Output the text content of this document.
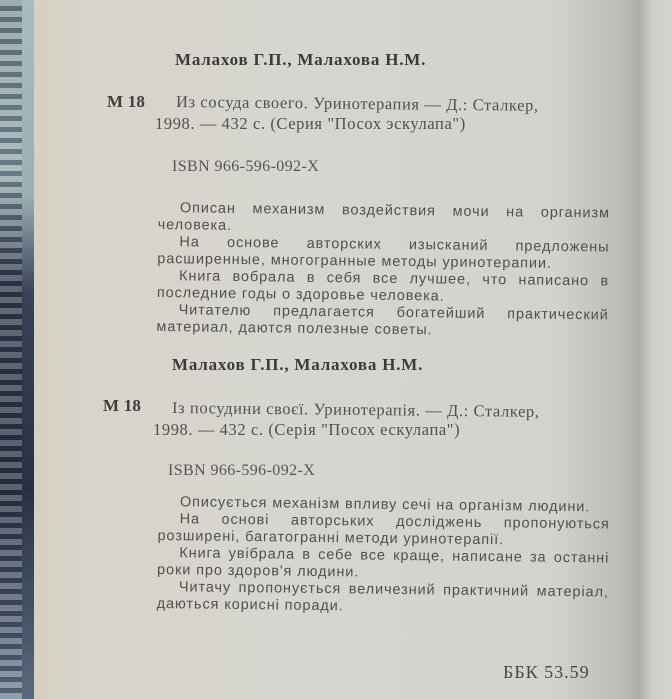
Малахов Г.П., Малахова Н.М.
М 18 Из сосуда своего. Уринотерапия — Д.: Сталкер,
1998. — 432 с. (Серия "Посох эскулапа")
ISBN 966-596-092-Х

Описан механизм воздействия мочи на организм человека.

На основе авторских изысканий предложены расширенные, многогранные методы уринотерапии.

Книга вобрала в себя все лучшее, что написано в последние годы о здоровье человека.

Читателю предлагается богатейший практический материал, даются полезные советы.

Малахов Г.П., Малахова Н.М.
М 18 Із посудини своєї. Уринотерапія. — Д.: Сталкер,
1998. — 432 с. (Серія "Посох ескулапа")
ISBN 966-596-092-Х

Описується механізм впливу сечі на організм людини.

На основі авторських досліджень пропонуються розширені, багатогранні методи уринотерапії.

Книга увібрала в себе все краще, написане за останні роки про здоров'я людини.

Читачу пропонується величезний практичний матеріал, даються корисні поради.

ББК 53.59
